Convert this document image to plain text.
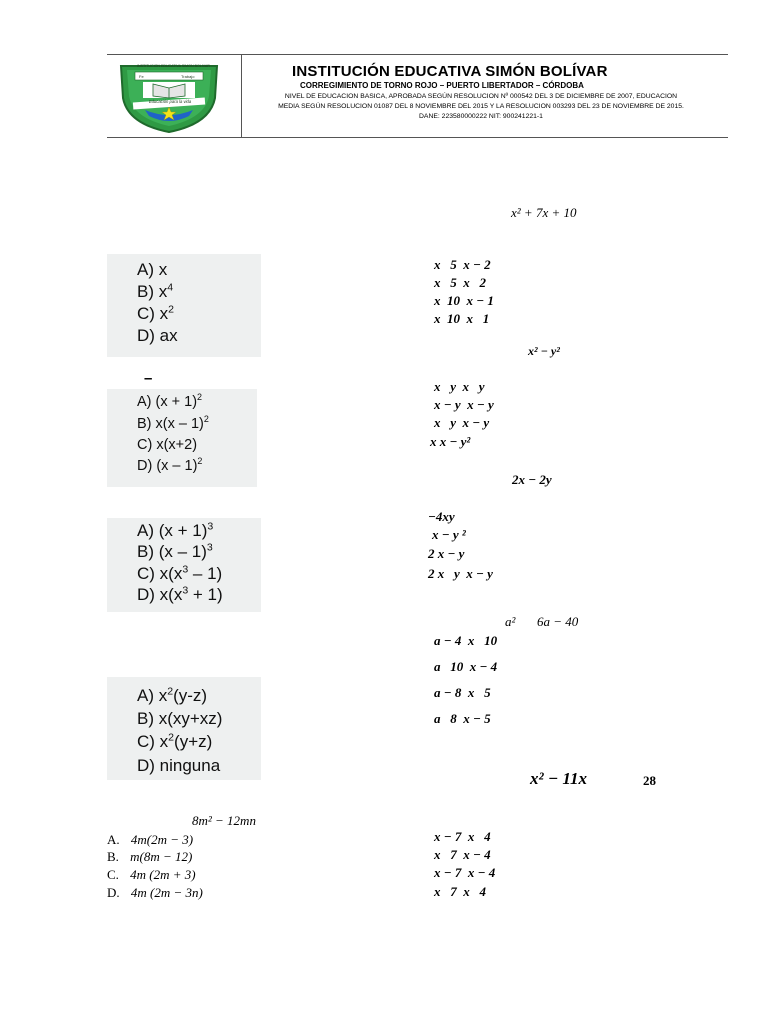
INSTITUCION EDUCATIVA SIMON BOLIVAR
Fe	Trabajo
Educación para la vida
INSTITUCIÓN EDUCATIVA SIMÓN BOLÍVAR
CORREGIMIENTO DE TORNO ROJO – PUERTO LIBERTADOR – CÓRDOBA
NIVEL DE EDUCACION BASICA, APROBADA SEGÚN RESOLUCION Nº 000542 DEL 3 DE DICIEMBRE DE 2007, EDUCACION
MEDIA SEGÚN RESOLUCION 01087 DEL 8 NOVIEMBRE DEL 2015 Y LA RESOLUCION 003293 DEL 23 DE NOVIEMBRE DE 2015.
DANE: 223580000222 NIT: 900241221-1
x² + 7x + 10
A) x
B) $x^4$
C) $x^2$
D) ax
x   5  x − 2
x   5  x   2
x  10  x − 1
x  10  x   1
x² − y²
–
A) $(x + 1)^2$
B) x(x – 1)$^2$
C) x(x+2)
D) (x – 1)$^2$
x   y  x   y
x − y  x − y
x   y  x − y
x x − y²
2x − 2y
A) $(x + 1)^3$
B) (x – 1)$^3$
C) $x(x^3 - 1)$
D) $x(x^3 + 1)$
−4xy
x − y ²
2 x − y
2 x   y  x − y
a² 6a − 40
a − 4  x   10
a   10  x − 4
a − 8  x   5
a   8  x − 5
A) $x^2(y-z)$
B) x(xy+xz)
C) $x^2(y+z)$
D) ninguna
x² − 11x	28
x − 7  x   4
x   7  x − 4
x − 7  x − 4
x   7  x   4
8m² − 12mn
A. 4m(2m − 3)
B. m(8m − 12)
C. 4m (2m + 3)
D. 4m (2m − 3n)
